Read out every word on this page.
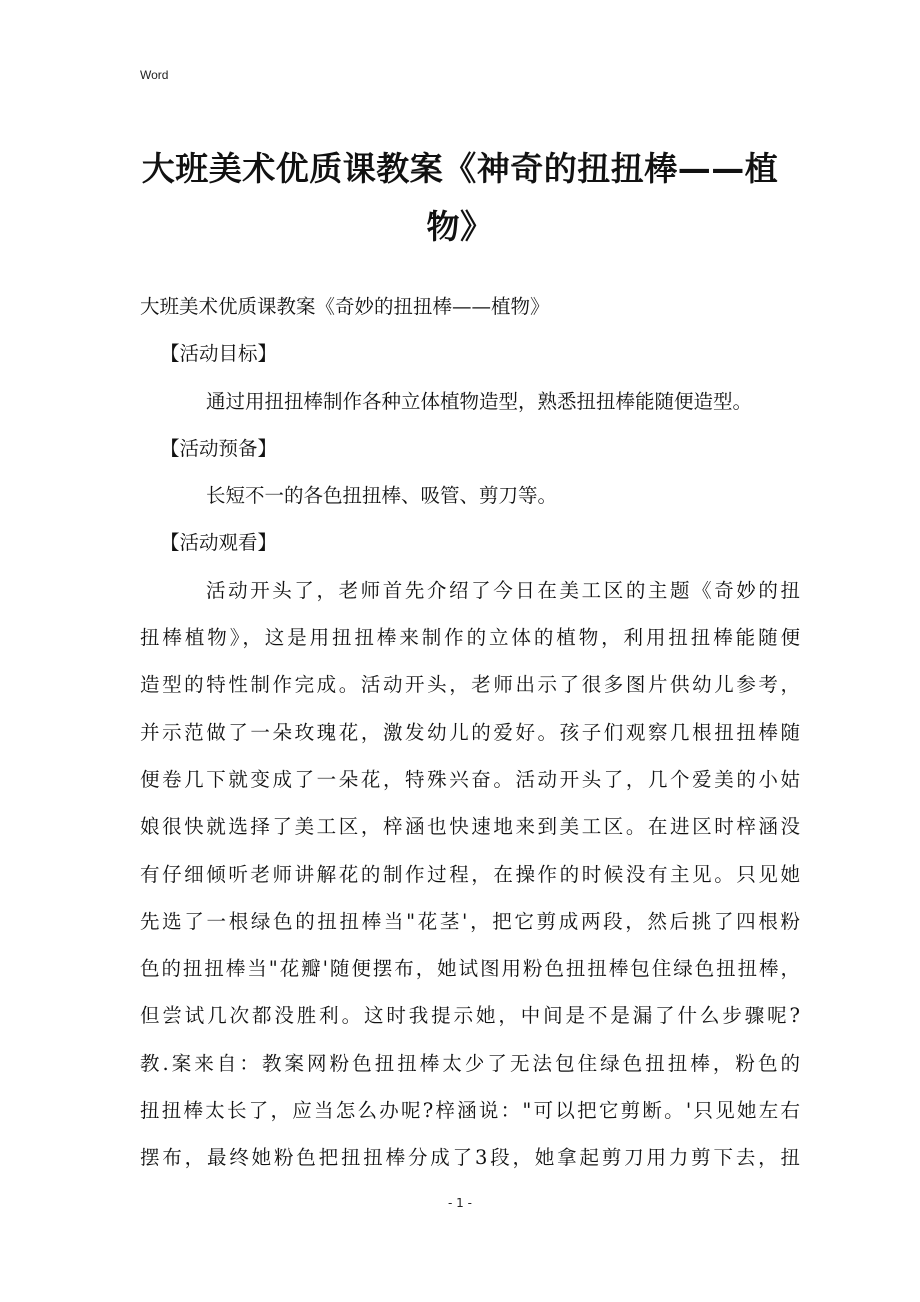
Word
大班美术优质课教案《神奇的扭扭棒——植
物》

大班美术优质课教案《奇妙的扭扭棒——植物》

【活动目标】

通过用扭扭棒制作各种立体植物造型，熟悉扭扭棒能随便造型。

【活动预备】

长短不一的各色扭扭棒、吸管、剪刀等。

【活动观看】

活动开头了，老师首先介绍了今日在美工区的主题《奇妙的扭

扭棒植物》，这是用扭扭棒来制作的立体的植物，利用扭扭棒能随便

造型的特性制作完成。活动开头，老师出示了很多图片供幼儿参考，

并示范做了一朵玫瑰花，激发幼儿的爱好。孩子们观察几根扭扭棒随

便卷几下就变成了一朵花，特殊兴奋。活动开头了，几个爱美的小姑

娘很快就选择了美工区，梓涵也快速地来到美工区。在进区时梓涵没

有仔细倾听老师讲解花的制作过程，在操作的时候没有主见。只见她

先选了一根绿色的扭扭棒当"花茎'，把它剪成两段，然后挑了四根粉

色的扭扭棒当"花瓣'随便摆布，她试图用粉色扭扭棒包住绿色扭扭棒，

但尝试几次都没胜利。这时我提示她，中间是不是漏了什么步骤呢?

教.案来自：教案网粉色扭扭棒太少了无法包住绿色扭扭棒，粉色的

扭扭棒太长了，应当怎么办呢?梓涵说："可以把它剪断。'只见她左右

摆布，最终她粉色把扭扭棒分成了3段，她拿起剪刀用力剪下去，扭

- 1 -
